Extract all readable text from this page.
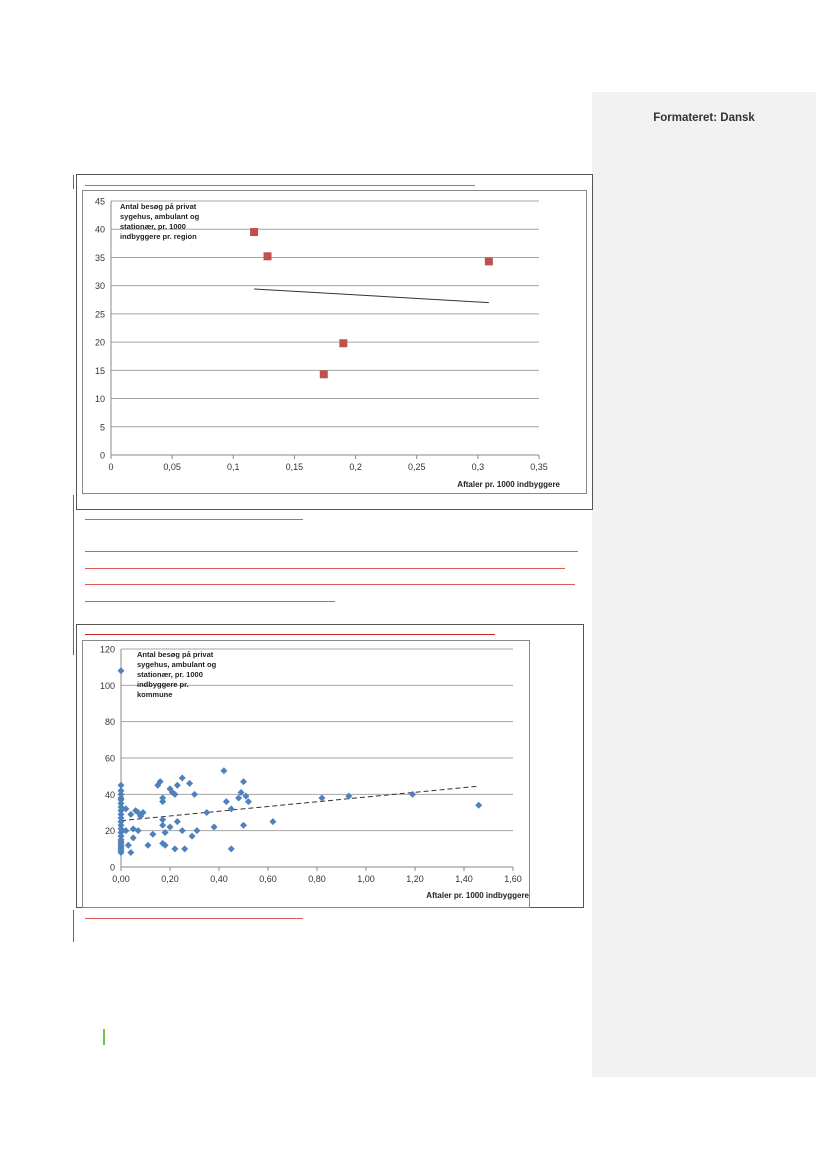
Formateret: Dansk
0
5
10
15
20
25
30
35
40
45
0	0,05	0,1	0,15	0,2	0,25	0,3	0,35
Aftaler pr. 1000 indbyggere
Antal besøg på privat
sygehus, ambulant og
stationær, pr. 1000
indbyggere pr. region
0
20
40
60
80
100
120
0,00	0,20	0,40	0,60	0,80	1,00	1,20	1,40	1,60
Aftaler pr. 1000 indbyggere
Antal besøg på privat
sygehus, ambulant og
stationær, pr. 1000
indbyggere pr.
kommune
